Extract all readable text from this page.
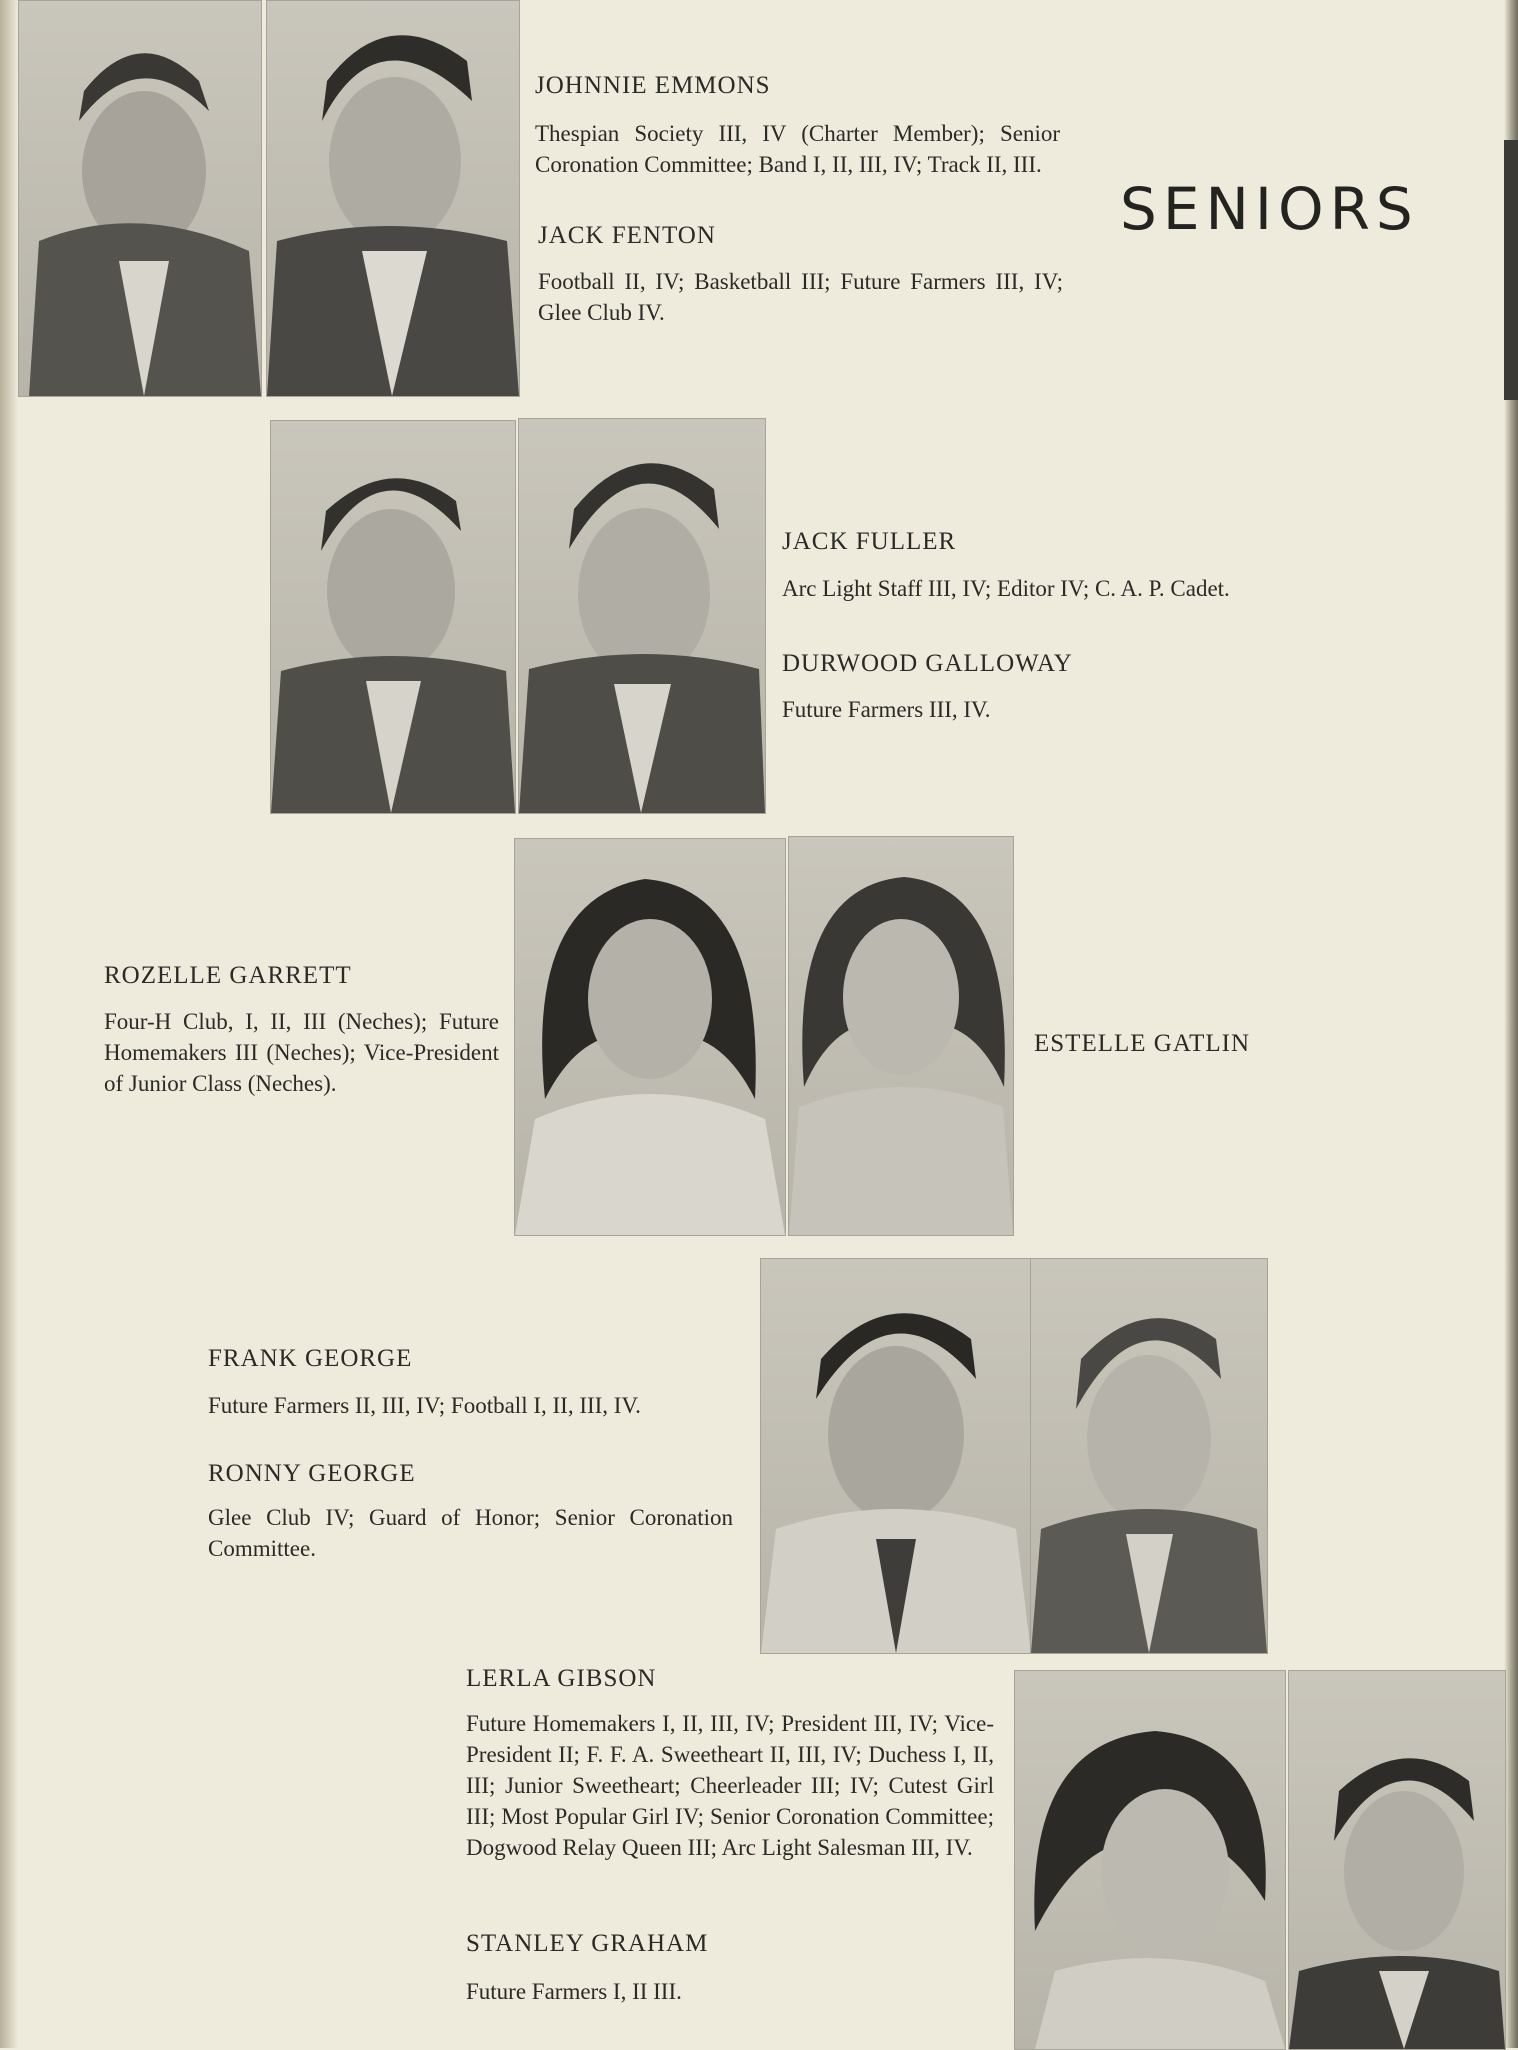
SENIORS
JOHNNIE EMMONS

Thespian Society III, IV (Charter Member); Senior Coronation Committee; Band I, II, III, IV; Track II, III.

JACK FENTON

Football II, IV; Basketball III; Future Farmers III, IV; Glee Club IV.

JACK FULLER

Arc Light Staff III, IV; Editor IV; C. A. P. Cadet.

DURWOOD GALLOWAY

Future Farmers III, IV.

ROZELLE GARRETT

Four-H Club, I, II, III (Neches); Future Homemakers III (Neches); Vice-President of Junior Class (Neches).

ESTELLE GATLIN
FRANK GEORGE

Future Farmers II, III, IV; Football I, II, III, IV.

RONNY GEORGE

Glee Club IV; Guard of Honor; Senior Coronation Committee.

LERLA GIBSON

Future Homemakers I, II, III, IV; President III, IV; Vice-President II; F. F. A. Sweetheart II, III, IV; Duchess I, II, III; Junior Sweetheart; Cheerleader III; IV; Cutest Girl III; Most Popular Girl IV; Senior Coronation Committee; Dogwood Relay Queen III; Arc Light Salesman III, IV.

STANLEY GRAHAM

Future Farmers I, II III.
